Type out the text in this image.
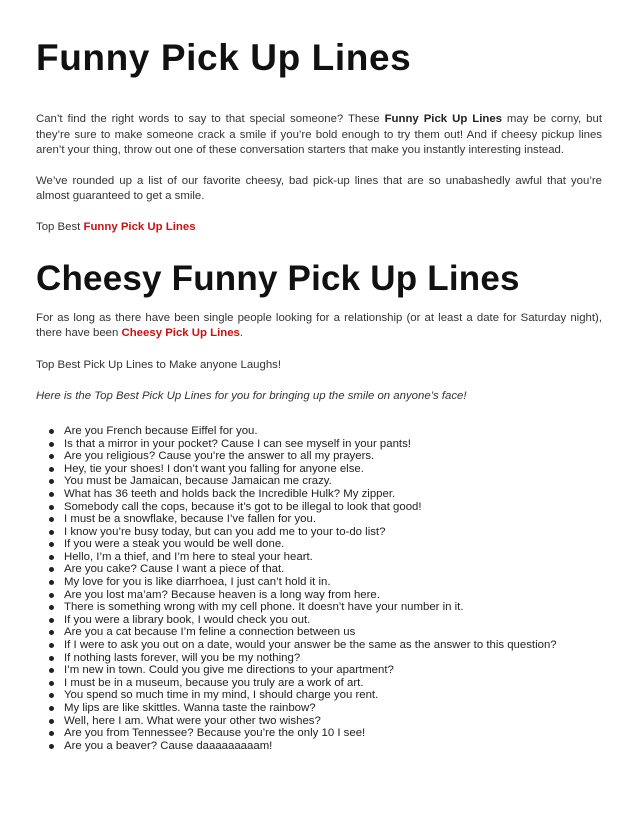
Funny Pick Up Lines

Can’t find the right words to say to that special someone? These Funny Pick Up Lines may be corny, but they’re sure to make someone crack a smile if you’re bold enough to try them out! And if cheesy pickup lines aren’t your thing, throw out one of these conversation starters that make you instantly interesting instead.

We’ve rounded up a list of our favorite cheesy, bad pick-up lines that are so unabashedly awful that you’re almost guaranteed to get a smile.

Top Best Funny Pick Up Lines

Cheesy Funny Pick Up Lines

For as long as there have been single people looking for a relationship (or at least a date for Saturday night), there have been Cheesy Pick Up Lines.

Top Best Pick Up Lines to Make anyone Laughs!

Here is the Top Best Pick Up Lines for you for bringing up the smile on anyone’s face!

Are you French because Eiffel for you.
Is that a mirror in your pocket? Cause I can see myself in your pants!
Are you religious? Cause you’re the answer to all my prayers.
Hey, tie your shoes! I don’t want you falling for anyone else.
You must be Jamaican, because Jamaican me crazy.
What has 36 teeth and holds back the Incredible Hulk? My zipper.
Somebody call the cops, because it’s got to be illegal to look that good!
I must be a snowflake, because I’ve fallen for you.
I know you’re busy today, but can you add me to your to-do list?
If you were a steak you would be well done.
Hello, I’m a thief, and I’m here to steal your heart.
Are you cake? Cause I want a piece of that.
My love for you is like diarrhoea, I just can’t hold it in.
Are you lost ma’am? Because heaven is a long way from here.
There is something wrong with my cell phone. It doesn’t have your number in it.
If you were a library book, I would check you out.
Are you a cat because I’m feline a connection between us
If I were to ask you out on a date, would your answer be the same as the answer to this question?
If nothing lasts forever, will you be my nothing?
I’m new in town. Could you give me directions to your apartment?
I must be in a museum, because you truly are a work of art.
You spend so much time in my mind, I should charge you rent.
My lips are like skittles. Wanna taste the rainbow?
Well, here I am. What were your other two wishes?
Are you from Tennessee? Because you’re the only 10 I see!
Are you a beaver? Cause daaaaaaaaam!
